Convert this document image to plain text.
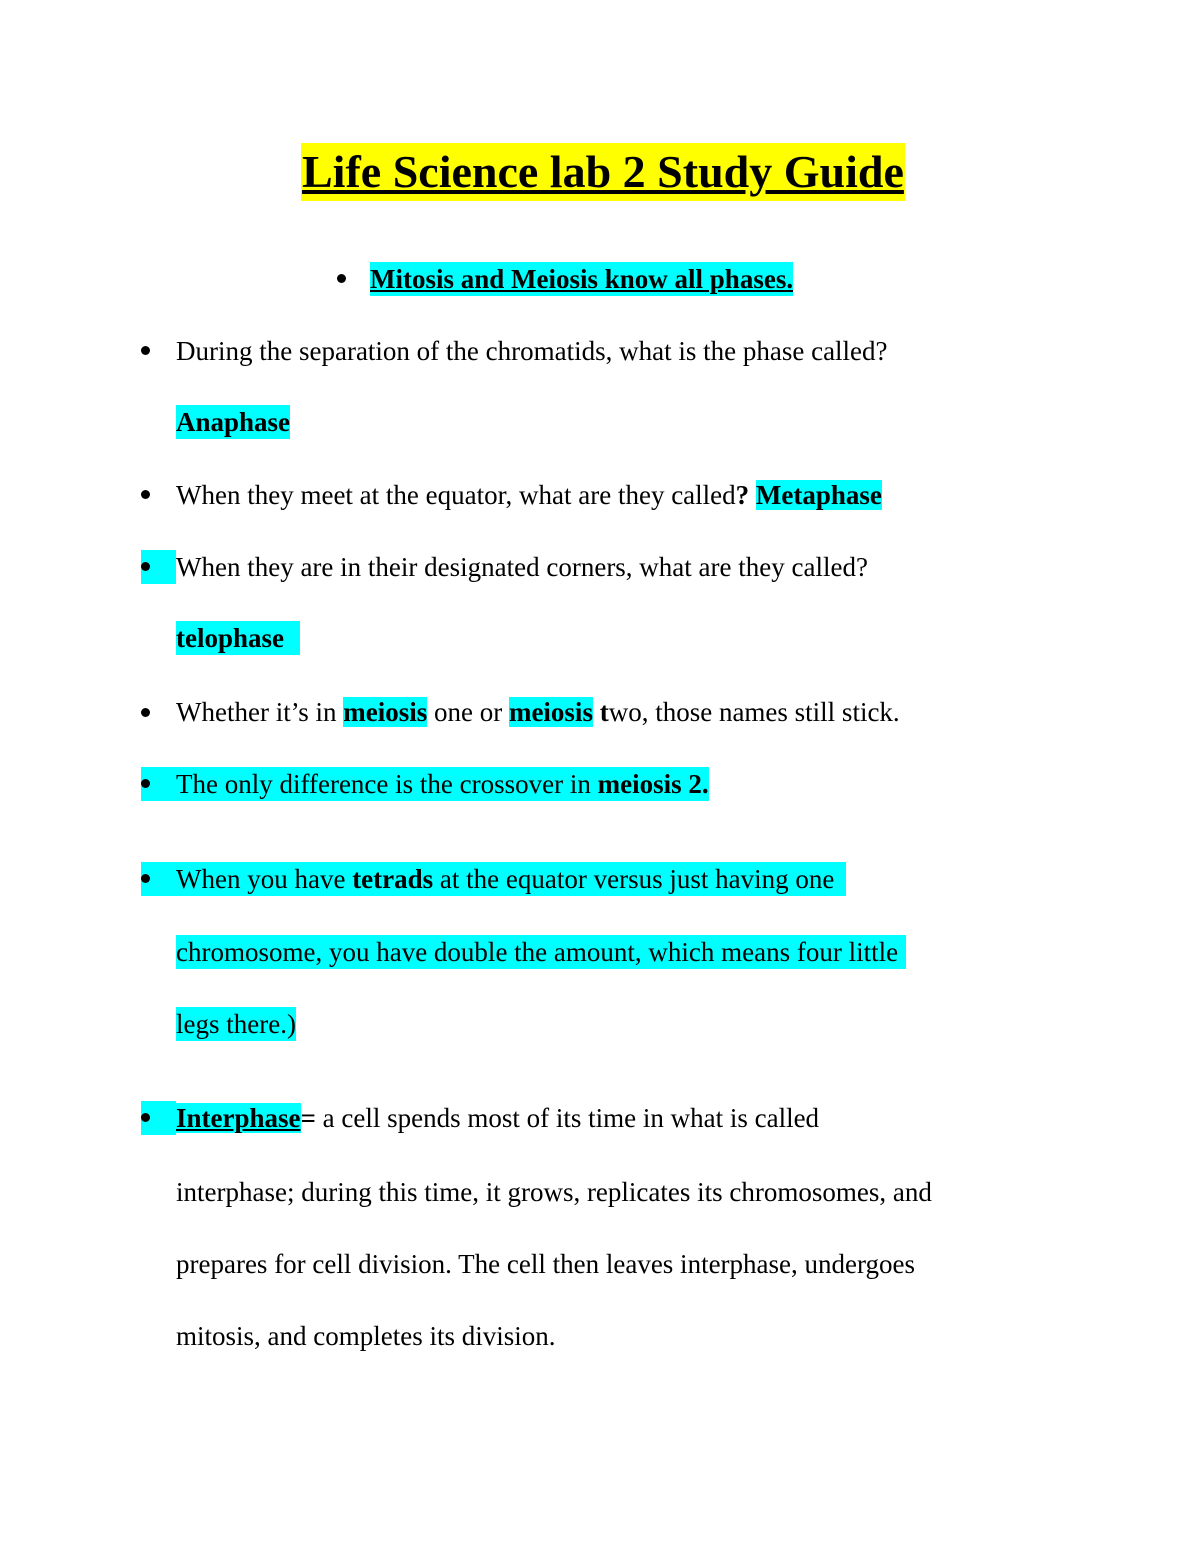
Life Science lab 2 Study Guide
Mitosis and Meiosis know all phases.
During the separation of the chromatids, what is the phase called?
Anaphase
When they meet at the equator, what are they called? Metaphase
When they are in their designated corners, what are they called?
telophase
Whether it’s in meiosis one or meiosis two, those names still stick.
The only difference is the crossover in meiosis 2.
When you have tetrads at the equator versus just having one
chromosome, you have double the amount, which means four little
legs there.)
Interphase= a cell spends most of its time in what is called
interphase; during this time, it grows, replicates its chromosomes, and
prepares for cell division. The cell then leaves interphase, undergoes
mitosis, and completes its division.
